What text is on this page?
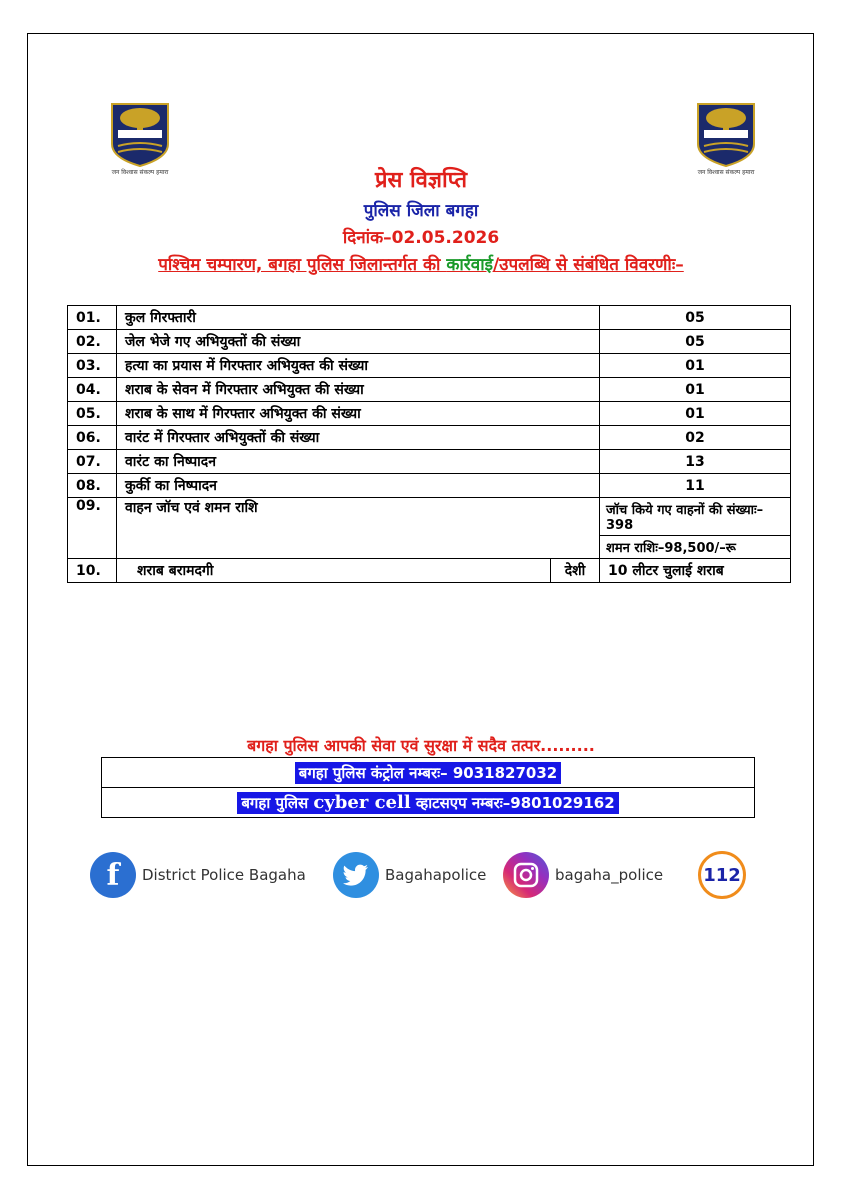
जन विश्वास संकल्प हमारा	जन विश्वास संकल्प हमारा
प्रेस विज्ञप्ति
पुलिस जिला बगहा
दिनांक–02.05.2026
पश्चिम चम्पारण, बगहा पुलिस जिलान्तर्गत की कार्रवाई/उपलब्धि से संबंधित विवरणीः–
01.	कुल गिरफ्तारी		05
02.	जेल भेजे गए अभियुक्तों की संख्या		05
03.	हत्या का प्रयास में गिरफ्तार अभियुक्त की संख्या		01
04.	शराब के सेवन में गिरफ्तार अभियुक्त की संख्या		01
05.	शराब के साथ में गिरफ्तार अभियुक्त की संख्या		01
06.	वारंट में गिरफ्तार अभियुक्तों की संख्या		02
07.	वारंट का निष्पादन		13
08.	कुर्की का निष्पादन		11
09.	वाहन जॉच एवं शमन राशि		जॉच किये गए वाहनों की संख्याः–398
शमन राशिः–98,500/–रू

10.	शराब बरामदगी	देशी	10 लीटर चुलाई शराब
बगहा पुलिस आपकी सेवा एवं सुरक्षा में सदैव तत्पर.........
बगहा पुलिस कंट्रोल नम्बरः– 9031827032
बगहा पुलिस cyber cell व्हाटसएप नम्बरः–9801029162
f	District Police Bagaha	Bagahapolice	bagaha_police 112
